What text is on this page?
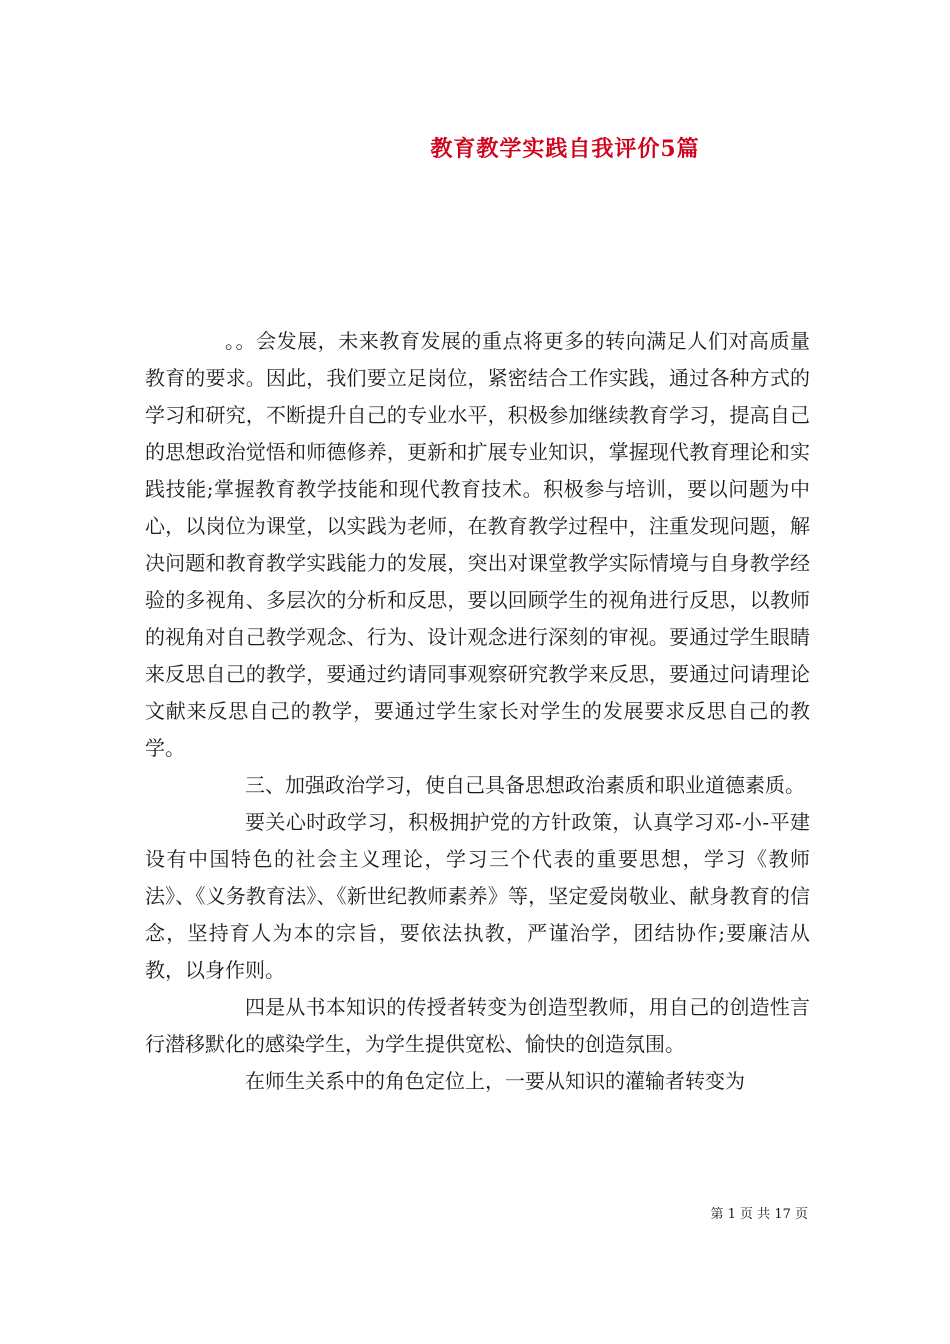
教育教学实践自我评价5篇

。。会发展，未来教育发展的重点将更多的转向满足人们对高质量教育的要求。因此，我们要立足岗位，紧密结合工作实践，通过各种方式的学习和研究，不断提升自己的专业水平，积极参加继续教育学习，提高自己的思想政治觉悟和师德修养，更新和扩展专业知识，掌握现代教育理论和实践技能;掌握教育教学技能和现代教育技术。积极参与培训，要以问题为中心，以岗位为课堂，以实践为老师，在教育教学过程中，注重发现问题，解决问题和教育教学实践能力的发展，突出对课堂教学实际情境与自身教学经验的多视角、多层次的分析和反思，要以回顾学生的视角进行反思，以教师的视角对自己教学观念、行为、设计观念进行深刻的审视。要通过学生眼睛来反思自己的教学，要通过约请同事观察研究教学来反思，要通过问请理论文献来反思自己的教学，要通过学生家长对学生的发展要求反思自己的教学。

三、加强政治学习，使自己具备思想政治素质和职业道德素质。

要关心时政学习，积极拥护党的方针政策，认真学习邓-小-平建设有中国特色的社会主义理论，学习三个代表的重要思想，学习《教师法》、《义务教育法》、《新世纪教师素养》等，坚定爱岗敬业、献身教育的信念，坚持育人为本的宗旨，要依法执教，严谨治学，团结协作;要廉洁从教，以身作则。

四是从书本知识的传授者转变为创造型教师，用自己的创造性言行潜移默化的感染学生，为学生提供宽松、愉快的创造氛围。

在师生关系中的角色定位上，一要从知识的灌输者转变为

第 1 页 共 17 页
